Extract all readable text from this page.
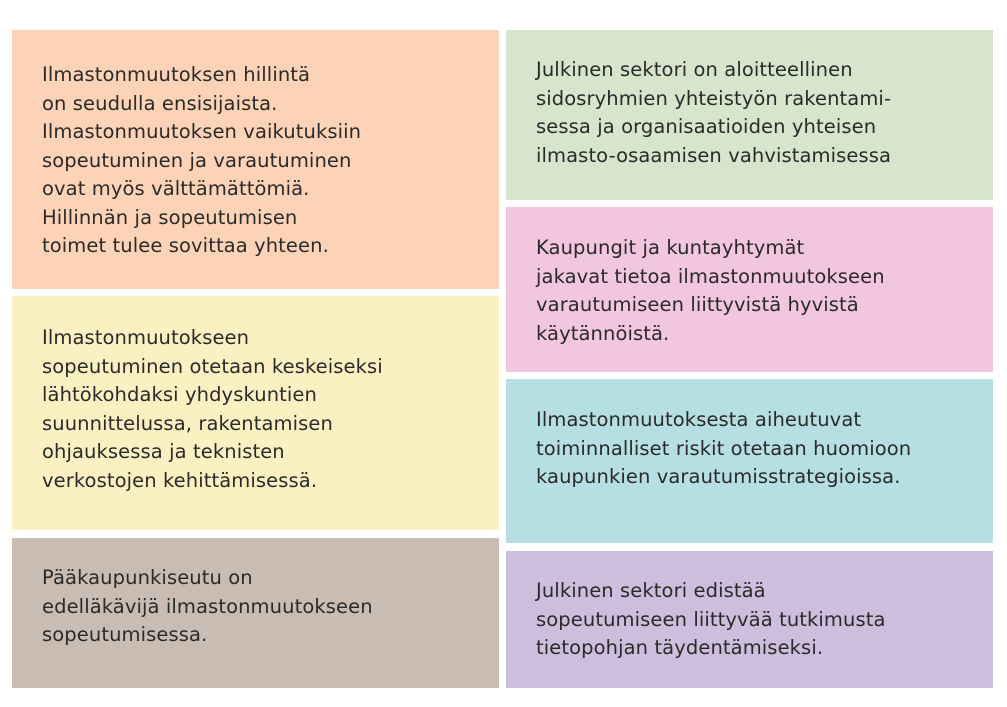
Ilmastonmuutoksen hillintä
on seudulla ensisijaista.
Ilmastonmuutoksen vaikutuksiin
sopeutuminen ja varautuminen
ovat myös välttämättömiä.
Hillinnän ja sopeutumisen
toimet tulee sovittaa yhteen.

Ilmastonmuutokseen
sopeutuminen otetaan keskeiseksi
lähtökohdaksi yhdyskuntien
suunnittelussa, rakentamisen
ohjauksessa ja teknisten
verkostojen kehittämisessä.

Pääkaupunkiseutu on
edelläkävijä ilmastonmuutokseen
sopeutumisessa.

Julkinen sektori on aloitteellinen
sidosryhmien yhteistyön rakentami-
sessa ja organisaatioiden yhteisen
ilmasto-osaamisen vahvistamisessa

Kaupungit ja kuntayhtymät
jakavat tietoa ilmastonmuutokseen
varautumiseen liittyvistä hyvistä
käytännöistä.

Ilmastonmuutoksesta aiheutuvat
toiminnalliset riskit otetaan huomioon
kaupunkien varautumisstrategioissa.

Julkinen sektori edistää
sopeutumiseen liittyvää tutkimusta
tietopohjan täydentämiseksi.
